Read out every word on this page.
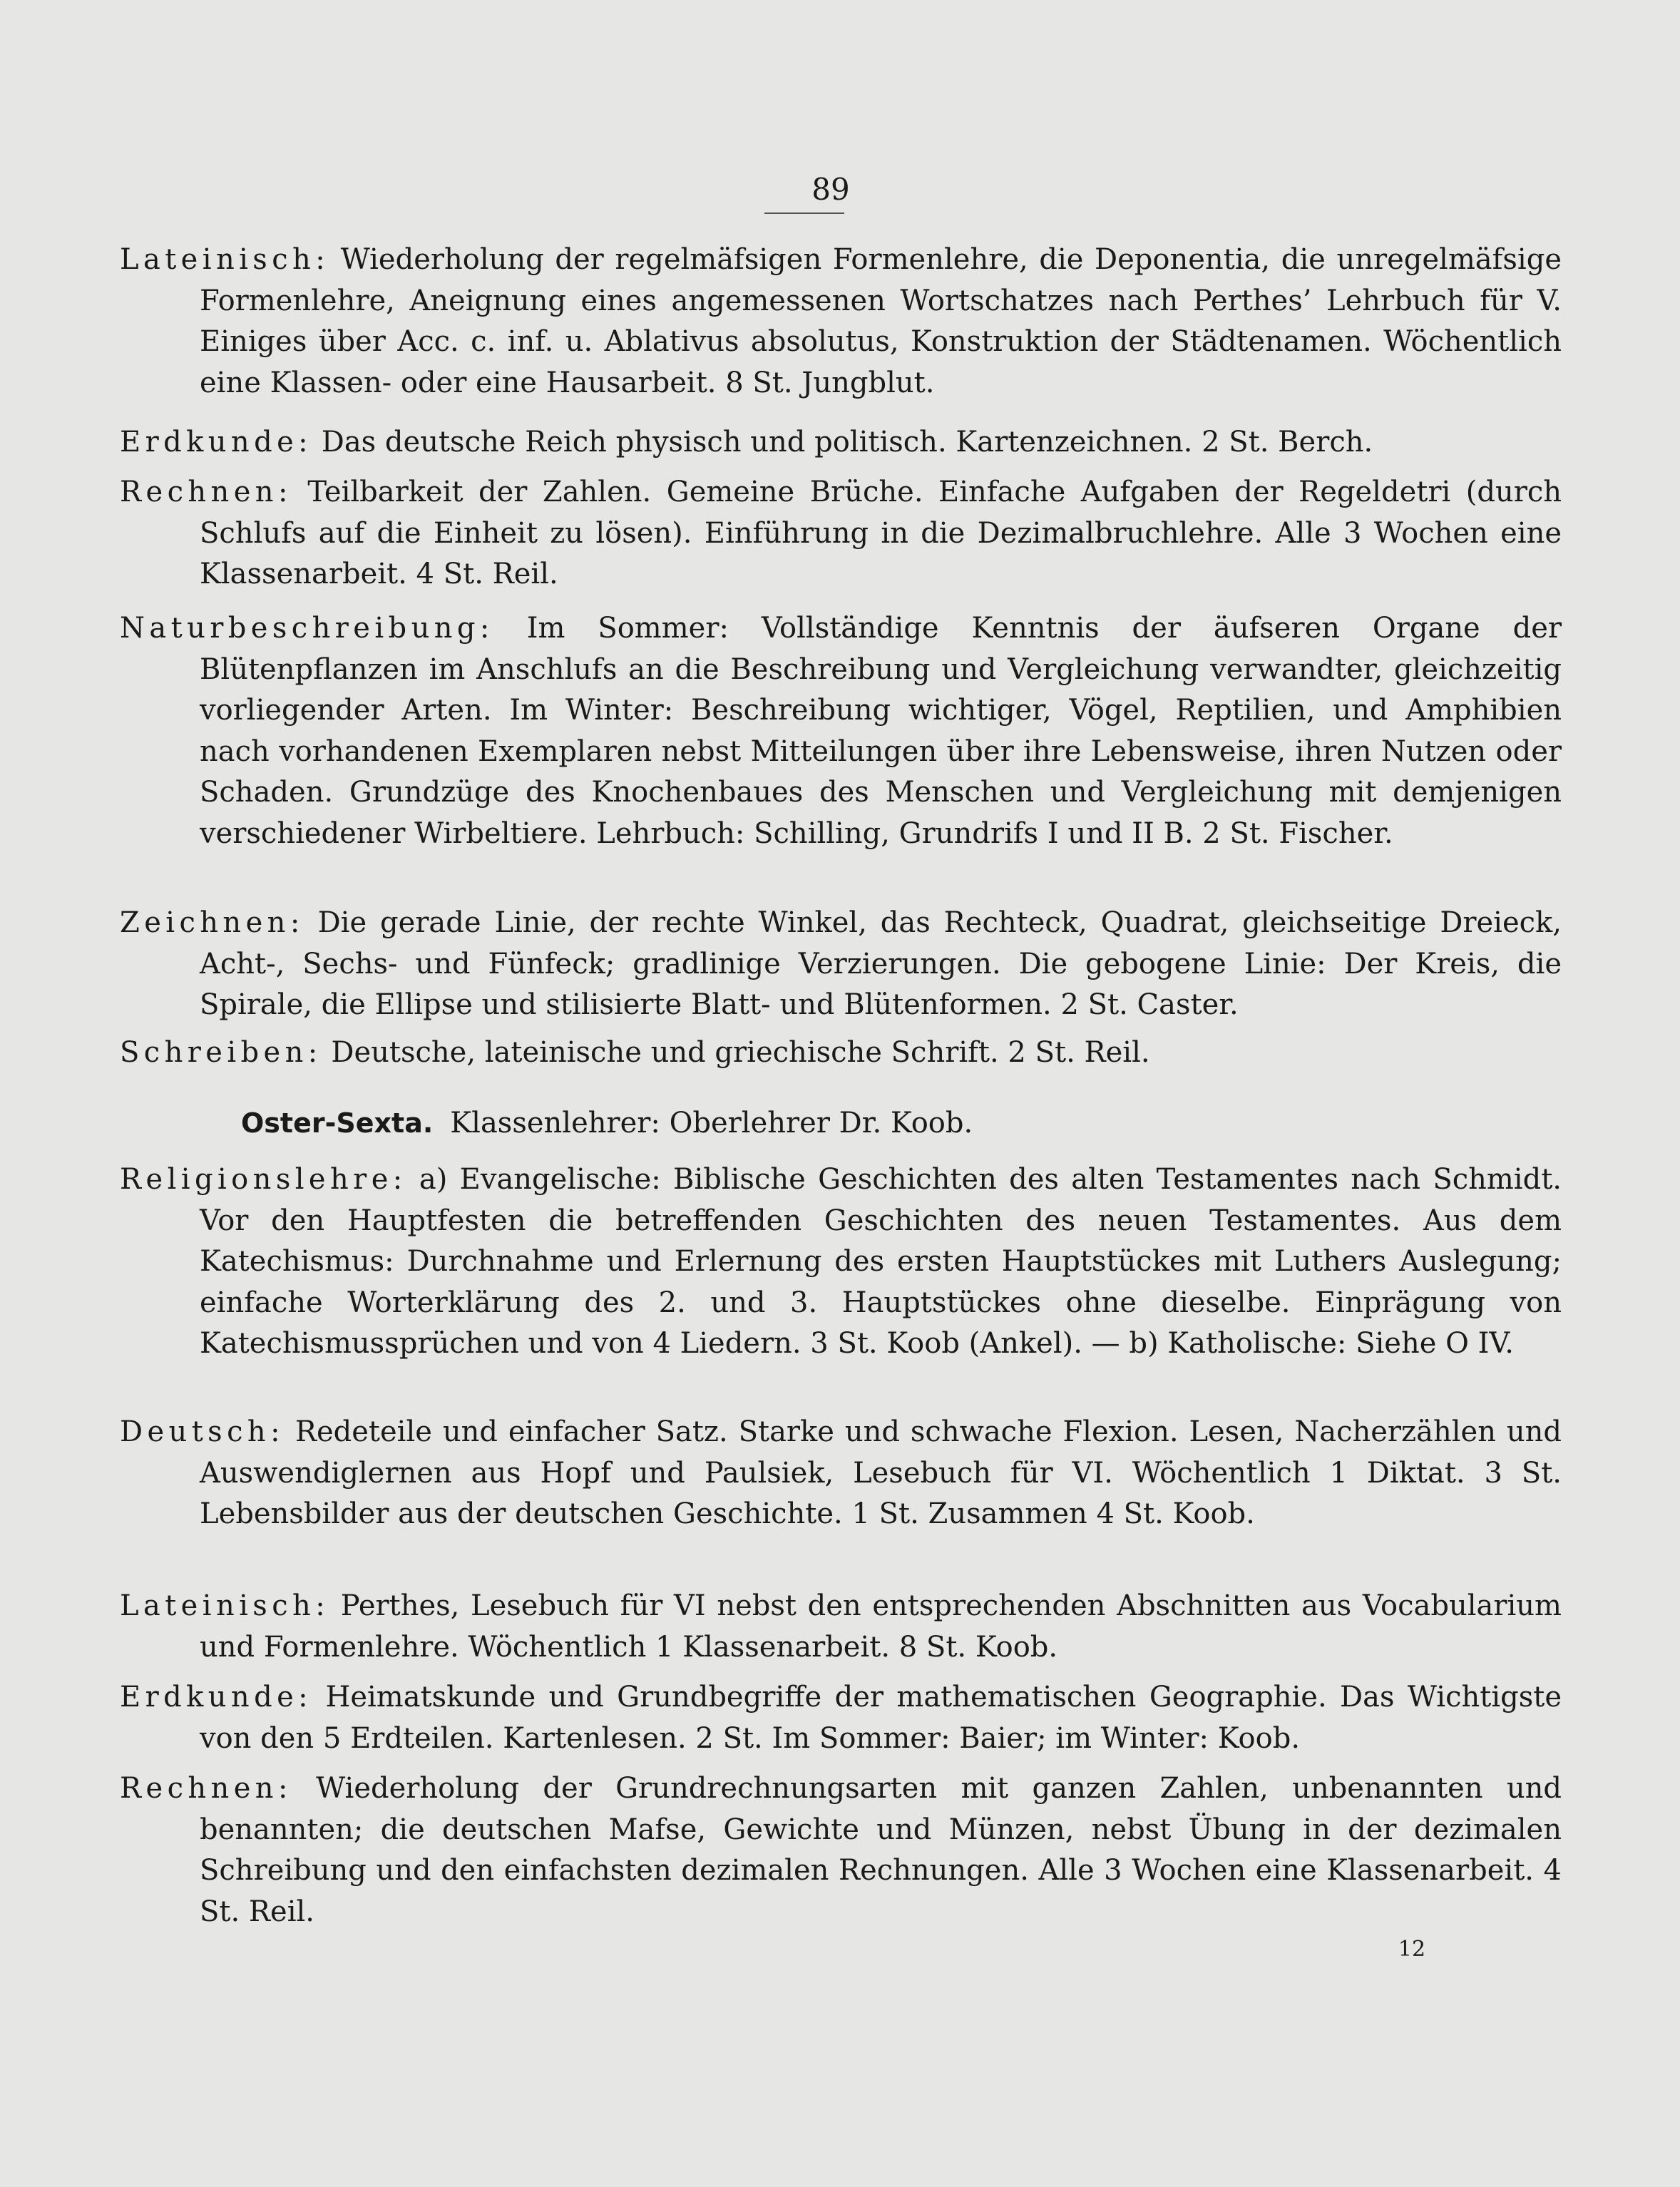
89

Lateinisch: Wiederholung der regelmäfsigen Formenlehre, die Deponentia, die unregelmäfsige Formenlehre, Aneignung eines angemessenen Wortschatzes nach Perthes’ Lehrbuch für V. Einiges über Acc. c. inf. u. Ablativus absolutus, Konstruktion der Städtenamen. Wöchentlich eine Klassen- oder eine Hausarbeit. 8 St. Jungblut.

Erdkunde: Das deutsche Reich physisch und politisch. Kartenzeichnen. 2 St. Berch.

Rechnen: Teilbarkeit der Zahlen. Gemeine Brüche. Einfache Aufgaben der Regeldetri (durch Schlufs auf die Einheit zu lösen). Einführung in die Dezimalbruchlehre. Alle 3 Wochen eine Klassenarbeit. 4 St. Reil.

Naturbeschreibung: Im Sommer: Vollständige Kenntnis der äufseren Organe der Blütenpflanzen im Anschlufs an die Beschreibung und Vergleichung verwandter, gleichzeitig vorliegender Arten. Im Winter: Beschreibung wichtiger, Vögel, Reptilien, und Amphibien nach vorhandenen Exemplaren nebst Mitteilungen über ihre Lebensweise, ihren Nutzen oder Schaden. Grundzüge des Knochenbaues des Menschen und Vergleichung mit demjenigen verschiedener Wirbeltiere. Lehrbuch: Schilling, Grundrifs I und II B. 2 St. Fischer.

Zeichnen: Die gerade Linie, der rechte Winkel, das Rechteck, Quadrat, gleichseitige Dreieck, Acht-, Sechs- und Fünfeck; gradlinige Verzierungen. Die gebogene Linie: Der Kreis, die Spirale, die Ellipse und stilisierte Blatt- und Blütenformen. 2 St. Caster.

Schreiben: Deutsche, lateinische und griechische Schrift. 2 St. Reil.

Oster-Sexta. Klassenlehrer: Oberlehrer Dr. Koob.

Religionslehre: a) Evangelische: Biblische Geschichten des alten Testamentes nach Schmidt. Vor den Hauptfesten die betreffenden Geschichten des neuen Testamentes. Aus dem Katechismus: Durchnahme und Erlernung des ersten Hauptstückes mit Luthers Auslegung; einfache Worterklärung des 2. und 3. Hauptstückes ohne dieselbe. Einprägung von Katechismussprüchen und von 4 Liedern. 3 St. Koob (Ankel). — b) Katholische: Siehe O IV.

Deutsch: Redeteile und einfacher Satz. Starke und schwache Flexion. Lesen, Nacherzählen und Auswendiglernen aus Hopf und Paulsiek, Lesebuch für VI. Wöchentlich 1 Diktat. 3 St. Lebensbilder aus der deutschen Geschichte. 1 St. Zusammen 4 St. Koob.

Lateinisch: Perthes, Lesebuch für VI nebst den entsprechenden Abschnitten aus Vocabularium und Formenlehre. Wöchentlich 1 Klassenarbeit. 8 St. Koob.

Erdkunde: Heimatskunde und Grundbegriffe der mathematischen Geographie. Das Wichtigste von den 5 Erdteilen. Kartenlesen. 2 St. Im Sommer: Baier; im Winter: Koob.

Rechnen: Wiederholung der Grundrechnungsarten mit ganzen Zahlen, unbenannten und benannten; die deutschen Mafse, Gewichte und Münzen, nebst Übung in der dezimalen Schreibung und den einfachsten dezimalen Rechnungen. Alle 3 Wochen eine Klassenarbeit. 4 St. Reil.

12
